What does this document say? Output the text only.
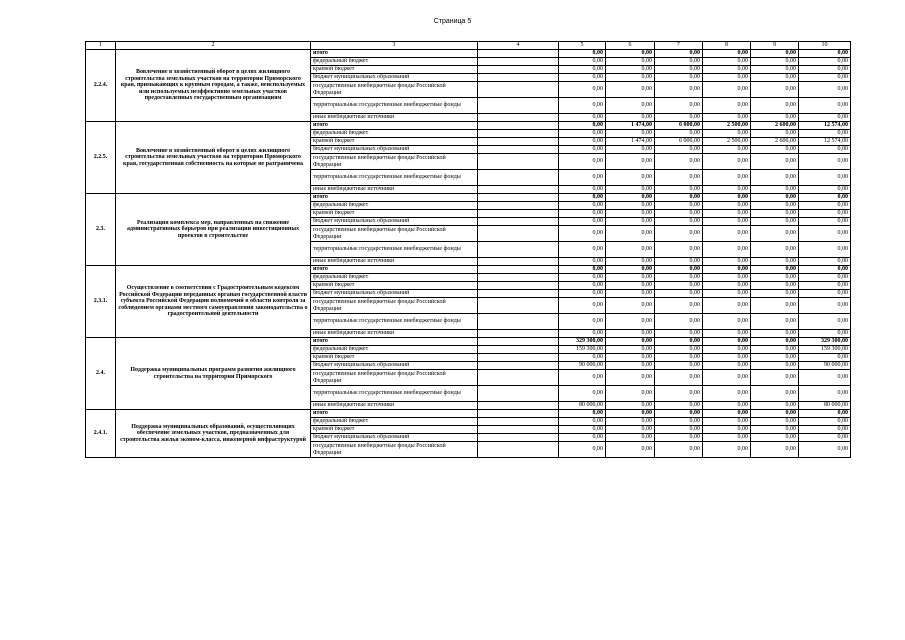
Страница 5
1	2	3	4	5	6	7	8	9	10
2.2.4.	Вовлечение в хозяйственный оборот в целях жилищного строительства земельных участков на территории Приморского края, примыкающих к крупным городам, а также, неиспользуемых или используемых неэффективно земельных участков предоставленных государственным организациям	итого		0,00	0,00	0,00	0,00	0,00	0,00
		федеральный бюджет		0,00	0,00	0,00	0,00	0,00	0,00
		краевой бюджет		0,00	0,00	0,00	0,00	0,00	0,00
		бюджет муниципальных образований		0,00	0,00	0,00	0,00	0,00	0,00
		государственные внебюджетные фонды Российской Федерации		0,00	0,00	0,00	0,00	0,00	0,00
		территориальные государственные внебюджетные фонды		0,00	0,00	0,00	0,00	0,00	0,00
		иные внебюджетные источники		0,00	0,00	0,00	0,00	0,00	0,00
2.2.5.	Вовлечение в хозяйственный оборот в целях жилищного строительства земельных участков на территории Приморского края, государственная собственность на которые не разграничена	итого		0,00	1 474,00	6 000,00	2 500,00	2 600,00	12 574,00
		федеральный бюджет		0,00	0,00	0,00	0,00	0,00	0,00
		краевой бюджет		0,00	1 474,00	6 000,00	2 500,00	2 600,00	12 574,00
		бюджет муниципальных образований		0,00	0,00	0,00	0,00	0,00	0,00
		государственные внебюджетные фонды Российской Федерации		0,00	0,00	0,00	0,00	0,00	0,00
		территориальные государственные внебюджетные фонды		0,00	0,00	0,00	0,00	0,00	0,00
		иные внебюджетные источники		0,00	0,00	0,00	0,00	0,00	0,00
2.3.	Реализация комплекса мер, направленных на снижение административных барьеров при реализации инвестиционных проектов в строительстве	итого		0,00	0,00	0,00	0,00	0,00	0,00
		федеральный бюджет		0,00	0,00	0,00	0,00	0,00	0,00
		краевой бюджет		0,00	0,00	0,00	0,00	0,00	0,00
		бюджет муниципальных образований		0,00	0,00	0,00	0,00	0,00	0,00
		государственные внебюджетные фонды Российской Федерации		0,00	0,00	0,00	0,00	0,00	0,00
		территориальные государственные внебюджетные фонды		0,00	0,00	0,00	0,00	0,00	0,00
		иные внебюджетные источники		0,00	0,00	0,00	0,00	0,00	0,00
2.3.1.	Осуществление в соответствии с Градостроительным кодексом Российской Федерации переданных органам государственной власти субъекта Российской Федерации полномочий в области контроля за соблюдением органами местного самоуправления законодательства о градостроительной деятельности	итого		0,00	0,00	0,00	0,00	0,00	0,00
		федеральный бюджет		0,00	0,00	0,00	0,00	0,00	0,00
		краевой бюджет		0,00	0,00	0,00	0,00	0,00	0,00
		бюджет муниципальных образований		0,00	0,00	0,00	0,00	0,00	0,00
		государственные внебюджетные фонды Российской Федерации		0,00	0,00	0,00	0,00	0,00	0,00
		территориальные государственные внебюджетные фонды		0,00	0,00	0,00	0,00	0,00	0,00
		иные внебюджетные источники		0,00	0,00	0,00	0,00	0,00	0,00
2.4.	Поддержка муниципальных программ развития жилищного строительства на территории Приморского	итого		329 300,00	0,00	0,00	0,00	0,00	329 300,00
		федеральный бюджет		159 300,00	0,00	0,00	0,00	0,00	159 300,00
		краевой бюджет		0,00	0,00	0,00	0,00	0,00	0,00
		бюджет муниципальных образований		90 000,00	0,00	0,00	0,00	0,00	90 000,00
		государственные внебюджетные фонды Российской Федерации		0,00	0,00	0,00	0,00	0,00	0,00
		территориальные государственные внебюджетные фонды		0,00	0,00	0,00	0,00	0,00	0,00
		иные внебюджетные источники		80 000,00	0,00	0,00	0,00	0,00	80 000,00
2.4.1.	Поддержка муниципальных образований, осуществляющих обеспечение земельных участков, предназначенных для строительства жилья эконом-класса, инженерной инфраструктурой	итого		0,00	0,00	0,00	0,00	0,00	0,00
		федеральный бюджет		0,00	0,00	0,00	0,00	0,00	0,00
		краевой бюджет		0,00	0,00	0,00	0,00	0,00	0,00
		бюджет муниципальных образований		0,00	0,00	0,00	0,00	0,00	0,00
		государственные внебюджетные фонды Российской Федерации		0,00	0,00	0,00	0,00	0,00	0,00
